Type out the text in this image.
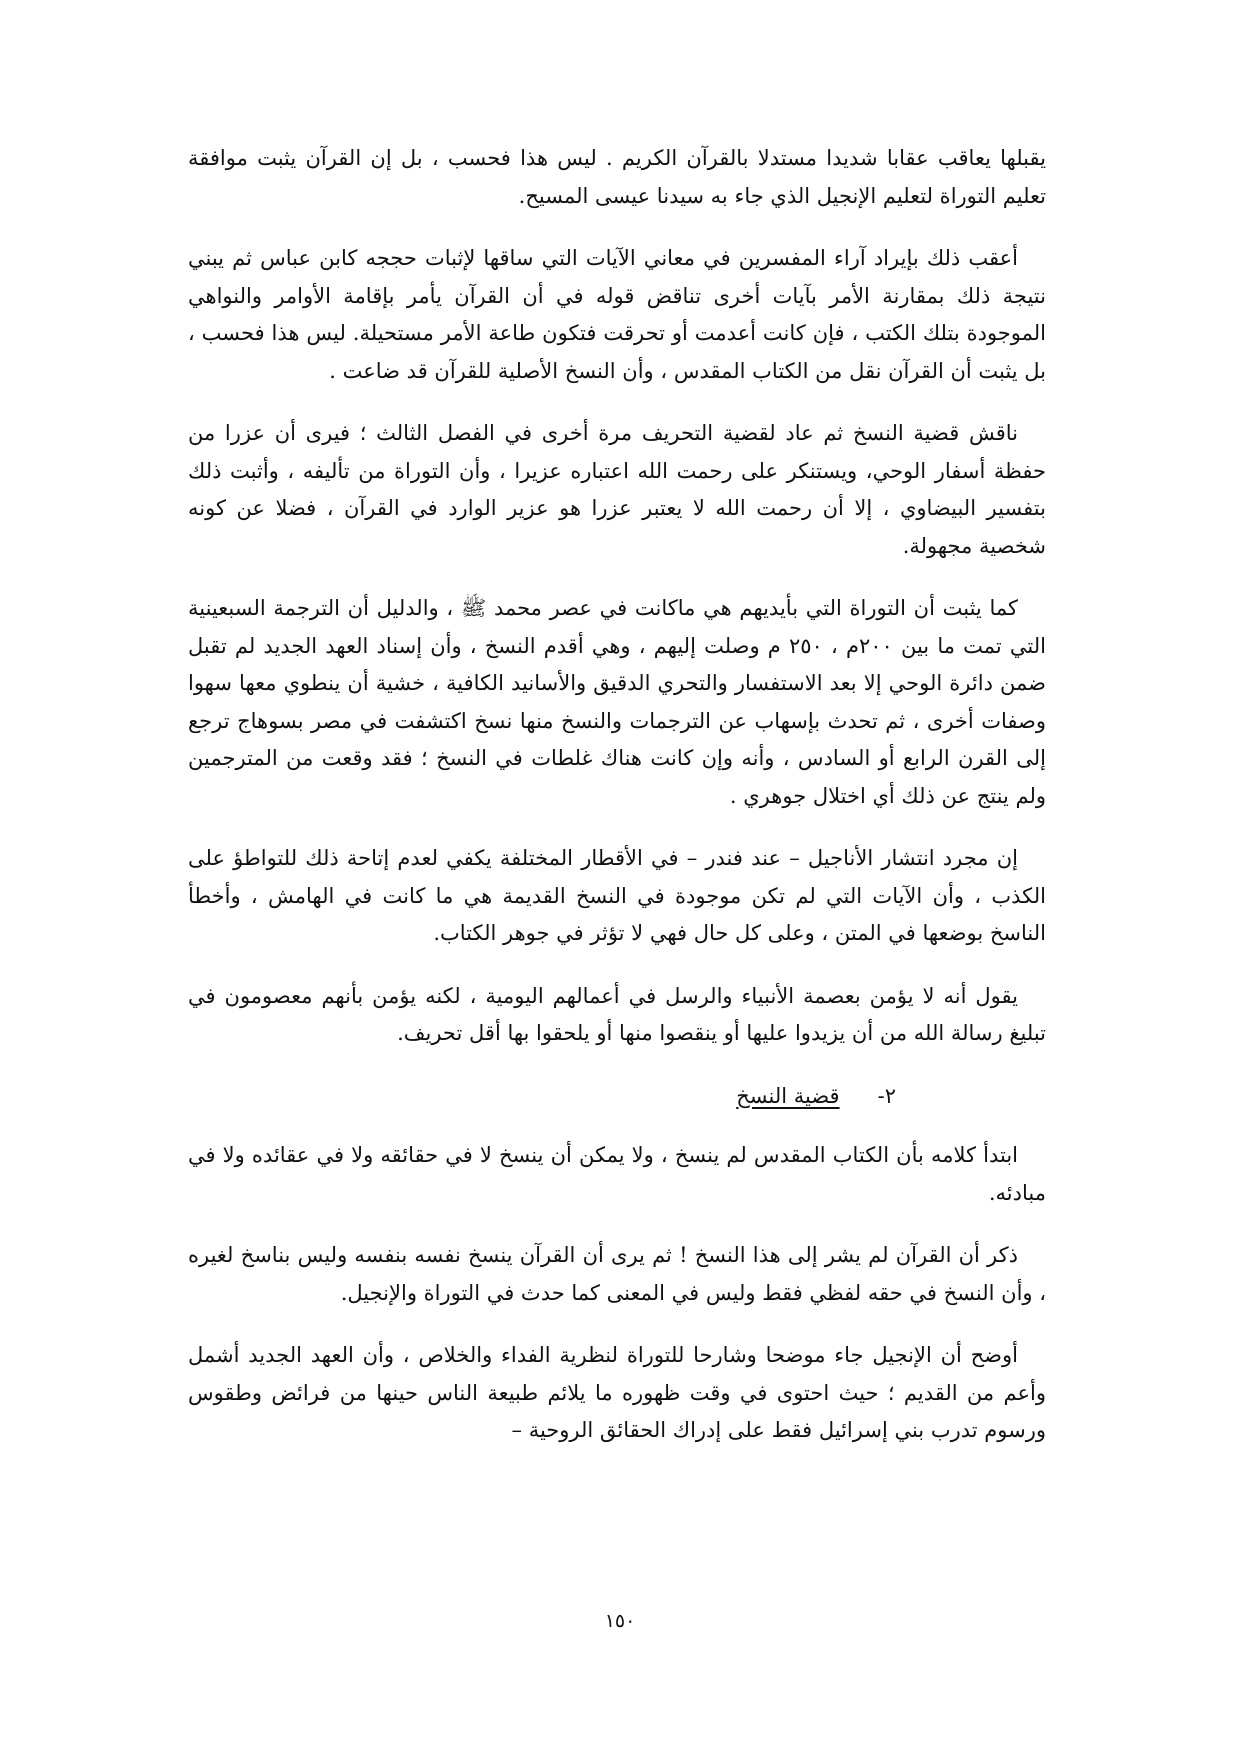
يقبلها يعاقب عقابا شديدا مستدلا بالقرآن الكريم . ليس هذا فحسب ، بل إن القرآن يثبت موافقة تعليم التوراة لتعليم الإنجيل الذي جاء به سيدنا عيسى المسيح.

أعقب ذلك بإيراد آراء المفسرين في معاني الآيات التي ساقها لإثبات حججه كابن عباس ثم يبني نتيجة ذلك بمقارنة الأمر بآيات أخرى تناقض قوله في أن القرآن يأمر بإقامة الأوامر والنواهي الموجودة بتلك الكتب ، فإن كانت أعدمت أو تحرقت فتكون طاعة الأمر مستحيلة. ليس هذا فحسب ، بل يثبت أن القرآن نقل من الكتاب المقدس ، وأن النسخ الأصلية للقرآن قد ضاعت .

ناقش قضية النسخ ثم عاد لقضية التحريف مرة أخرى في الفصل الثالث ؛ فيرى أن عزرا من حفظة أسفار الوحي، ويستنكر على رحمت الله اعتباره عزيرا ، وأن التوراة من تأليفه ، وأثبت ذلك بتفسير البيضاوي ، إلا أن رحمت الله لا يعتبر عزرا هو عزير الوارد في القرآن ، فضلا عن كونه شخصية مجهولة.

كما يثبت أن التوراة التي بأيديهم هي ماكانت في عصر محمد ﷺ ، والدليل أن الترجمة السبعينية التي تمت ما بين ٢٠٠م ، ٢٥٠ م وصلت إليهم ، وهي أقدم النسخ ، وأن إسناد العهد الجديد لم تقبل ضمن دائرة الوحي إلا بعد الاستفسار والتحري الدقيق والأسانيد الكافية ، خشية أن ينطوي معها سهوا وصفات أخرى ، ثم تحدث بإسهاب عن الترجمات والنسخ منها نسخ اكتشفت في مصر بسوهاج ترجع إلى القرن الرابع أو السادس ، وأنه وإن كانت هناك غلطات في النسخ ؛ فقد وقعت من المترجمين ولم ينتج عن ذلك أي اختلال جوهري .

إن مجرد انتشار الأناجيل – عند فندر – في الأقطار المختلفة يكفي لعدم إتاحة ذلك للتواطؤ على الكذب ، وأن الآيات التي لم تكن موجودة في النسخ القديمة هي ما كانت في الهامش ، وأخطأ الناسخ بوضعها في المتن ، وعلى كل حال فهي لا تؤثر في جوهر الكتاب.

يقول أنه لا يؤمن بعصمة الأنبياء والرسل في أعمالهم اليومية ، لكنه يؤمن بأنهم معصومون في تبليغ رسالة الله من أن يزيدوا عليها أو ينقصوا منها أو يلحقوا بها أقل تحريف.

٢-
قضية النسخ

ابتدأ كلامه بأن الكتاب المقدس لم ينسخ ، ولا يمكن أن ينسخ لا في حقائقه ولا في عقائده ولا في مبادئه.

ذكر أن القرآن لم يشر إلى هذا النسخ ! ثم يرى أن القرآن ينسخ نفسه بنفسه وليس بناسخ لغيره ، وأن النسخ في حقه لفظي فقط وليس في المعنى كما حدث في التوراة والإنجيل.

أوضح أن الإنجيل جاء موضحا وشارحا للتوراة لنظرية الفداء والخلاص ، وأن العهد الجديد أشمل وأعم من القديم ؛ حيث احتوى في وقت ظهوره ما يلائم طبيعة الناس حينها من فرائض وطقوس ورسوم تدرب بني إسرائيل فقط على إدراك الحقائق الروحية –

١٥٠
